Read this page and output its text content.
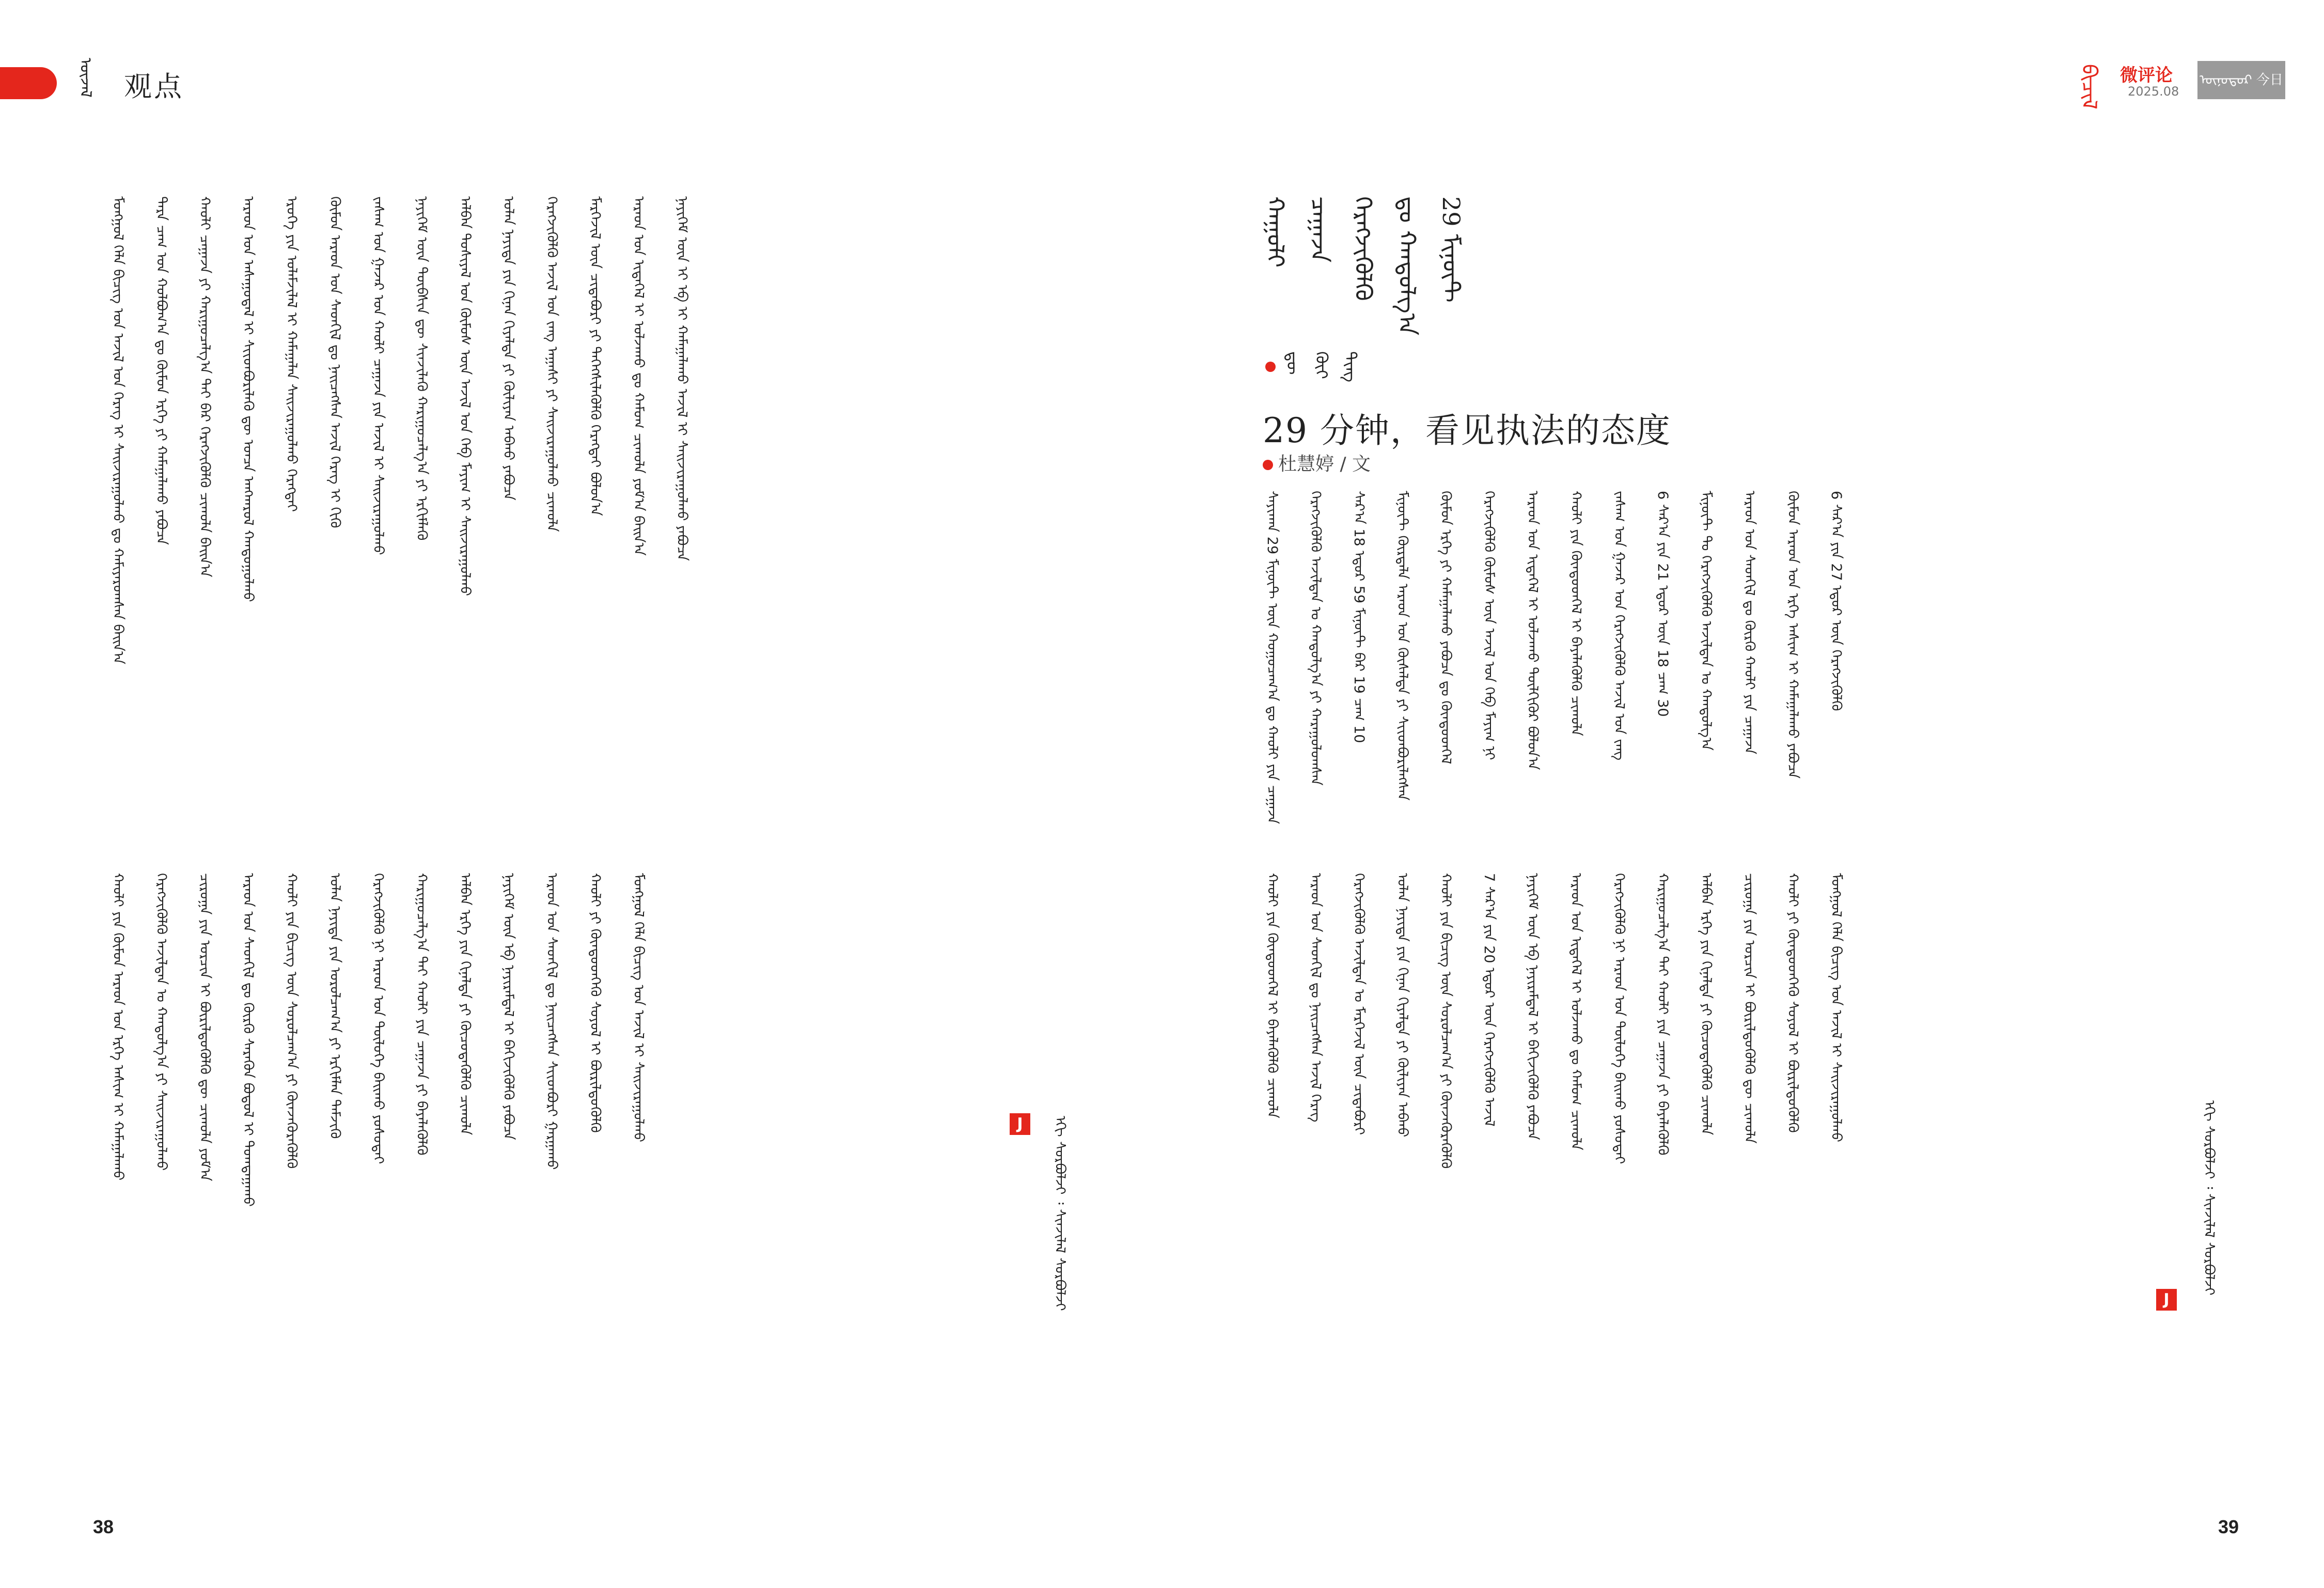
ᠦᠵᠡᠯ 观点
ᠮᠣᠩᠭᠣᠯ ᠬᠡᠯᠡ ᠪᠢᠴᠢᠭ ᠤᠨ ᠠᠵᠢᠯ ᠤᠨ ᠬᠡᠷᠡᠭ ᠢ ᠰᠠᠢᠵᠢᠷᠠᠭᠤᠯᠬᠤ ᠳᠤ ᠬᠠᠮᠢᠶᠠᠷᠤᠭᠰᠠᠨ ᠪᠠᠢᠨ᠎ᠠ ᠲᠡᠷᠡ ᠴᠠᠭ ᠤᠨ ᠬᠣᠯᠪᠣᠭ᠎ᠠ ᠳᠤ ᠬᠦᠮᠦᠨ ᠡᠷᠬᠡ ᠶᠢ ᠬᠠᠮᠠᠭᠠᠯᠠᠬᠤ ᠶᠠᠪᠤᠴᠠ ᠬᠠᠤᠯᠢ ᠴᠠᠭᠠᠵᠠ ᠶᠢ ᠬᠠᠷᠢᠭᠤᠴᠠᠯᠭ᠎ᠠ ᠲᠠᠢ ᠪᠡᠷ ᠬᠡᠷᠡᠭᠵᠢᠭᠦᠯᠬᠦ ᠴᠢᠬᠤᠯᠠ ᠪᠠᠢᠨ᠎ᠠ ᠠᠷᠠᠳ ᠤᠨ ᠠᠰᠠᠭᠤᠳᠠᠯ ᠢ ᠰᠢᠢᠳᠪᠦᠷᠢᠯᠡᠬᠦ ᠳᠦ ᠣᠨᠴᠠ ᠠᠩᠬᠠᠷᠤᠯ ᠬᠠᠨᠳᠤᠭᠤᠯᠬᠤ ᠡᠷᠦᠬᠡ ᠶᠢᠨ ᠤᠯᠠᠮᠵᠢᠯᠠᠯ ᠢ ᠬᠠᠮᠠᠭᠠᠯᠠᠨ ᠰᠠᠢᠵᠢᠷᠠᠭᠤᠯᠬᠤ ᠬᠡᠷᠡᠭᠲᠡᠢ ᠬᠦᠮᠦᠨ ᠠᠷᠠᠳ ᠤᠨ ᠰᠡᠳᠬᠢᠯ ᠳᠤ ᠨᠡᠢᠴᠡᠭᠰᠡᠨ ᠠᠵᠢᠯ ᠬᠡᠷᠡᠭ ᠢ ᠬᠢᠬᠦ ᠵᠠᠰᠠᠭ ᠤᠨ ᠭᠠᠵᠠᠷ ᠤᠨ ᠬᠠᠤᠯᠢ ᠴᠠᠭᠠᠵᠠ ᠶᠢᠨ ᠠᠵᠢᠯ ᠢ ᠰᠠᠢᠵᠢᠷᠠᠭᠤᠯᠬᠤ ᠨᠡᠶᠢᠭᠡᠮ ᠦᠨ ᠲᠥᠪᠰᠢᠨ ᠳᠦ ᠰᠢᠨᠵᠢᠯᠡᠬᠦ ᠬᠠᠷᠢᠭᠤᠴᠠᠯᠭ᠎ᠠ ᠶᠢ ᠡᠷᠬᠢᠮᠯᠡᠬᠦ ᠠᠯᠪᠠᠨ ᠲᠤᠰᠢᠶᠠᠯ ᠤᠨ ᠬᠦᠮᠦᠰ ᠦᠨ ᠠᠵᠢᠯ ᠤᠨ ᠬᠡᠪ ᠮᠠᠶᠢᠭ ᠢ ᠰᠠᠢᠵᠢᠷᠠᠭᠤᠯᠬᠤ ᠣᠯᠠᠨ ᠨᠡᠶᠢᠲᠡ ᠶᠢᠨ ᠬᠢᠨᠠᠨ ᠬᠢᠶᠠᠯᠲᠠ ᠶᠢ ᠬᠦᠯᠢᠶᠡᠨ ᠠᠪᠬᠤ ᠶᠠᠪᠤᠴᠠ ᠬᠡᠷᠡᠭᠵᠢᠭᠦᠯᠬᠦ ᠠᠵᠢᠯ ᠤᠨ ᠵᠠᠩ ᠠᠭᠠᠰᠢ ᠶᠢ ᠰᠠᠢᠵᠢᠷᠠᠭᠤᠯᠬᠤ ᠴᠢᠬᠤᠯᠠ ᠮᠡᠷᠭᠡᠵᠢᠯ ᠦᠨ ᠴᠢᠳᠠᠪᠤᠷᠢ ᠶᠢ ᠳᠡᠭᠡᠭᠰᠢᠯᠡᠭᠦᠯᠬᠦ ᠬᠡᠷᠡᠭᠲᠡᠢ ᠪᠣᠯᠣᠨ᠎ᠠ ᠠᠷᠠᠳ ᠤᠨ ᠢᠲᠡᠭᠡᠯ ᠢ ᠣᠯᠵᠠᠬᠤ ᠳᠤ ᠬᠠᠮᠤᠭ ᠴᠢᠬᠤᠯᠠ ᠶᠤᠮ᠎ᠠ ᠪᠠᠢᠨ᠎ᠠ ᠨᠡᠶᠢᠭᠡᠮ ᠦᠨ ᠡᠶ ᠡᠪ ᠢ ᠬᠠᠮᠠᠭᠠᠯᠠᠬᠤ ᠠᠵᠢᠯ ᠢ ᠰᠠᠢᠵᠢᠷᠠᠭᠤᠯᠬᠤ ᠶᠠᠪᠤᠴᠠ
ᠬᠠᠤᠯᠢ ᠶᠢᠨ ᠬᠦᠮᠦᠨ ᠠᠷᠠᠳ ᠤᠨ ᠡᠷᠬᠡ ᠠᠰᠢᠭ ᠢ ᠬᠠᠮᠠᠭᠠᠯᠠᠬᠤ ᠬᠡᠷᠡᠭᠵᠢᠭᠦᠯᠬᠦ ᠠᠵᠢᠯᠲᠠᠨ ᠤ ᠬᠠᠨᠳᠤᠯᠭ᠎ᠠ ᠶᠢ ᠰᠠᠢᠵᠢᠷᠠᠭᠤᠯᠬᠤ ᠴᠢᠷᠤᠭᠠ ᠶᠢᠨ ᠣᠷᠴᠢᠨ ᠢ ᠪᠦᠷᠢᠯᠳᠦᠭᠦᠯᠬᠦ ᠳᠦ ᠴᠢᠬᠤᠯᠠ ᠶᠤᠮ᠎ᠠ ᠠᠷᠠᠳ ᠤᠨ ᠰᠡᠳᠬᠢᠯ ᠳᠤ ᠬᠦᠷᠬᠦ ᠰᠡᠷᠡᠭᠦᠨ ᠪᠣᠳᠣᠯ ᠢ ᠲᠣᠭᠲᠠᠭᠠᠬᠤ ᠬᠠᠤᠯᠢ ᠶᠢᠨ ᠪᠢᠴᠢᠭ᠌ ᠦᠨ ᠰᠤᠷᠤᠯᠴᠠᠭ᠎ᠠ ᠶᠢ ᠭᠦᠨᠵᠡᠭᠦᠷᠡᠭᠦᠯᠬᠦ ᠣᠯᠠᠨ ᠨᠡᠶᠢᠲᠡ ᠶᠢᠨ ᠣᠷᠣᠯᠴᠠᠭ᠎ᠠ ᠶᠢ ᠡᠷᠬᠢᠮᠯᠡᠨ ᠳᠡᠮᠵᠢᠬᠦ ᠬᠡᠷᠡᠭᠵᠢᠭᠦᠯᠬᠦ ᠨᠢ ᠠᠷᠠᠳ ᠤᠨ ᠲᠥᠯᠦᠭᠡ ᠪᠠᠢᠬᠤ ᠶᠣᠰᠣᠲᠠᠢ ᠬᠠᠷᠢᠭᠤᠴᠠᠯᠭ᠎ᠠ ᠲᠠᠢ ᠬᠠᠤᠯᠢ ᠶᠢᠨ ᠴᠠᠭᠠᠵᠠ ᠶᠢ ᠪᠡᠶᠡᠯᠡᠭᠦᠯᠬᠦ ᠠᠯᠪᠠᠨ ᠡᠷᠬᠡ ᠶᠢᠨ ᠬᠢᠨᠠᠯᠲᠠ ᠶᠢ ᠬᠦᠴᠦᠳᠡᠭᠦᠯᠬᠦ ᠴᠢᠬᠤᠯᠠ ᠨᠡᠶᠢᠭᠡᠮ ᠦᠨ ᠡᠪ ᠨᠠᠶᠢᠷᠠᠮᠳᠠᠯ ᠢ ᠪᠡᠬᠢᠵᠢᠭᠦᠯᠬᠦ ᠶᠠᠪᠤᠴᠠ ᠠᠷᠠᠳ ᠤᠨ ᠰᠡᠳᠬᠢᠯ ᠳᠤ ᠨᠡᠢᠴᠡᠭᠰᠡᠨ ᠰᠢᠢᠳᠪᠦᠷᠢ ᠭᠠᠷᠭᠠᠬᠤ ᠬᠠᠤᠯᠢ ᠶᠢ ᠬᠦᠨᠳᠦᠳᠬᠡᠬᠦ ᠰᠣᠶᠣᠯ ᠢ ᠪᠦᠷᠢᠯᠳᠦᠭᠦᠯᠬᠦ ᠮᠣᠩᠭᠣᠯ ᠬᠡᠯᠡ ᠪᠢᠴᠢᠭ ᠤᠨ ᠠᠵᠢᠯ ᠢ ᠰᠠᠢᠵᠢᠷᠠᠭᠤᠯᠬᠤ	J	ᠡᠬᠢ ᠰᠤᠷᠪᠤᠯᠵᠢ ᠄ ᠰᠢᠨᠵᠢᠯᠡᠯ ᠰᠤᠷᠪᠤᠯᠵᠢ
38
ᠪᠢᠴᠢᠯ	微评论
2025.08
ᠥᠨᠦᠳᠦᠷ 今日
ᠬᠠᠭᠤᠯᠢ ᠴᠠᠭᠠᠵᠠ ᠬᠡᠷᠡᠭᠵᠢᠭᠦᠯᠬᠦ ᠳᠤ ᠬᠠᠨᠳᠤᠯᠭ᠎ᠠ 29 ᠮᠢᠨᠦ᠋ᠲ
ᠳᠦ ᠬᠦᠢ ᠲᠢᠩ
29 分钟，看见执法的态度
杜慧婷 / 文
ᠰᠠᠶᠢᠬᠠᠨ 29 ᠮᠢᠨᠦ᠋ᠲ ᠦᠨ ᠬᠤᠭᠤᠴᠠᠭ᠎ᠠ ᠳᠤ ᠬᠠᠤᠯᠢ ᠶᠢᠨ ᠴᠠᠭᠠᠵᠠ ᠬᠡᠷᠡᠭᠵᠢᠭᠦᠯᠬᠦ ᠠᠵᠢᠯᠲᠠᠨ ᠤ ᠬᠠᠨᠳᠤᠯᠭ᠎ᠠ ᠶᠢ ᠬᠠᠷᠠᠭᠤᠯᠤᠭᠰᠠᠨ ᠰᠠᠷ᠎ᠠ 18 ᠡᠳᠦᠷ 59 ᠮᠢᠨᠦ᠋ᠲ ᠪᠡᠷ 19 ᠴᠠᠭ 10 ᠮᠢᠨᠦ᠋ᠲ ᠬᠦᠷᠲᠡᠯᠡ ᠠᠷᠠᠳ ᠤᠨ ᠬᠦᠰᠡᠯᠲᠡ ᠶᠢ ᠰᠢᠢᠳᠪᠦᠷᠢᠯᠡᠭᠰᠡᠨ ᠬᠦᠮᠦᠨ ᠡᠷᠬᠡ ᠶᠢ ᠬᠠᠮᠠᠭᠠᠯᠠᠬᠤ ᠶᠠᠪᠤᠴᠠ ᠳᠤ ᠬᠦᠨᠳᠦᠳᠬᠡᠯ ᠬᠡᠷᠡᠭᠵᠢᠭᠦᠯᠬᠦ ᠬᠦᠮᠦᠰ ᠦᠨ ᠠᠵᠢᠯ ᠤᠨ ᠬᠡᠪ ᠮᠠᠶᠢᠭ ᠨᠢ ᠠᠷᠠᠳ ᠤᠨ ᠢᠲᠡᠭᠡᠯ ᠢ ᠣᠯᠵᠠᠬᠤ ᠲᠦᠯᠬᠢᠭᠦᠷ ᠪᠣᠯᠤᠨ᠎ᠠ ᠬᠠᠤᠯᠢ ᠶᠢᠨ ᠬᠦᠨᠳᠦᠳᠬᠡᠯ ᠢ ᠪᠡᠶᠡᠯᠡᠭᠦᠯᠬᠦ ᠴᠢᠬᠤᠯᠠ ᠵᠠᠰᠠᠭ ᠤᠨ ᠭᠠᠵᠠᠷ ᠤᠨ ᠬᠡᠷᠡᠭᠵᠢᠭᠦᠯᠬᠦ ᠠᠵᠢᠯ ᠤᠨ ᠵᠠᠩ 6 ᠰᠠᠷ᠎ᠠ ᠶᠢᠨ 21 ᠡᠳᠦᠷ ᠦᠨ 18 ᠴᠠᠭ 30 ᠮᠢᠨᠦ᠋ᠲ ᠲᠤ ᠬᠡᠷᠡᠭᠵᠢᠭᠦᠯᠬᠦ ᠠᠵᠢᠯᠲᠠᠨ ᠤ ᠬᠠᠨᠳᠤᠯᠭ᠎ᠠ ᠠᠷᠠᠳ ᠤᠨ ᠰᠡᠳᠬᠢᠯ ᠳᠤ ᠬᠦᠷᠬᠦ ᠬᠠᠤᠯᠢ ᠶᠢᠨ ᠴᠠᠭᠠᠵᠠ ᠬᠦᠮᠦᠨ ᠠᠷᠠᠳ ᠤᠨ ᠡᠷᠬᠡ ᠠᠰᠢᠭ ᠢ ᠬᠠᠮᠠᠭᠠᠯᠠᠬᠤ ᠶᠠᠪᠤᠴᠠ 6 ᠰᠠᠷ᠎ᠠ ᠶᠢᠨ 27 ᠡᠳᠦᠷ ᠦᠨ ᠬᠡᠷᠡᠭᠵᠢᠭᠦᠯᠬᠦ
ᠬᠠᠤᠯᠢ ᠶᠢᠨ ᠬᠦᠨᠳᠦᠳᠬᠡᠯ ᠢ ᠪᠡᠶᠡᠯᠡᠭᠦᠯᠬᠦ ᠴᠢᠬᠤᠯᠠ ᠠᠷᠠᠳ ᠤᠨ ᠰᠡᠳᠬᠢᠯ ᠳᠤ ᠨᠡᠢᠴᠡᠭᠰᠡᠨ ᠠᠵᠢᠯ ᠬᠡᠷᠡᠭ ᠬᠡᠷᠡᠭᠵᠢᠭᠦᠯᠬᠦ ᠠᠵᠢᠯᠲᠠᠨ ᠤ ᠮᠡᠷᠭᠡᠵᠢᠯ ᠦᠨ ᠴᠢᠳᠠᠪᠤᠷᠢ ᠣᠯᠠᠨ ᠨᠡᠶᠢᠲᠡ ᠶᠢᠨ ᠬᠢᠨᠠᠨ ᠬᠢᠶᠠᠯᠲᠠ ᠶᠢ ᠬᠦᠯᠢᠶᠡᠨ ᠠᠪᠬᠤ ᠬᠠᠤᠯᠢ ᠶᠢᠨ ᠪᠢᠴᠢᠭ᠌ ᠦᠨ ᠰᠤᠷᠤᠯᠴᠠᠭ᠎ᠠ ᠶᠢ ᠭᠦᠨᠵᠡᠭᠦᠷᠡᠭᠦᠯᠬᠦ 7 ᠰᠠᠷ᠎ᠠ ᠶᠢᠨ 20 ᠡᠳᠦᠷ ᠦᠨ ᠬᠡᠷᠡᠭᠵᠢᠭᠦᠯᠬᠦ ᠠᠵᠢᠯ ᠨᠡᠶᠢᠭᠡᠮ ᠦᠨ ᠡᠪ ᠨᠠᠶᠢᠷᠠᠮᠳᠠᠯ ᠢ ᠪᠡᠬᠢᠵᠢᠭᠦᠯᠬᠦ ᠶᠠᠪᠤᠴᠠ ᠠᠷᠠᠳ ᠤᠨ ᠢᠲᠡᠭᠡᠯ ᠢ ᠣᠯᠵᠠᠬᠤ ᠳᠤ ᠬᠠᠮᠤᠭ ᠴᠢᠬᠤᠯᠠ ᠬᠡᠷᠡᠭᠵᠢᠭᠦᠯᠬᠦ ᠨᠢ ᠠᠷᠠᠳ ᠤᠨ ᠲᠥᠯᠦᠭᠡ ᠪᠠᠢᠬᠤ ᠶᠣᠰᠣᠲᠠᠢ ᠬᠠᠷᠢᠭᠤᠴᠠᠯᠭ᠎ᠠ ᠲᠠᠢ ᠬᠠᠤᠯᠢ ᠶᠢᠨ ᠴᠠᠭᠠᠵᠠ ᠶᠢ ᠪᠡᠶᠡᠯᠡᠭᠦᠯᠬᠦ ᠠᠯᠪᠠᠨ ᠡᠷᠬᠡ ᠶᠢᠨ ᠬᠢᠨᠠᠯᠲᠠ ᠶᠢ ᠬᠦᠴᠦᠳᠡᠭᠦᠯᠬᠦ ᠴᠢᠬᠤᠯᠠ ᠴᠢᠷᠤᠭᠠ ᠶᠢᠨ ᠣᠷᠴᠢᠨ ᠢ ᠪᠦᠷᠢᠯᠳᠦᠭᠦᠯᠬᠦ ᠳᠦ ᠴᠢᠬᠤᠯᠠ ᠬᠠᠤᠯᠢ ᠶᠢ ᠬᠦᠨᠳᠦᠳᠬᠡᠬᠦ ᠰᠣᠶᠣᠯ ᠢ ᠪᠦᠷᠢᠯᠳᠦᠭᠦᠯᠬᠦ ᠮᠣᠩᠭᠣᠯ ᠬᠡᠯᠡ ᠪᠢᠴᠢᠭ ᠤᠨ ᠠᠵᠢᠯ ᠢ ᠰᠠᠢᠵᠢᠷᠠᠭᠤᠯᠬᠤ
J
ᠡᠬᠢ ᠰᠤᠷᠪᠤᠯᠵᠢ ᠄ ᠰᠢᠨᠵᠢᠯᠡᠯ ᠰᠤᠷᠪᠤᠯᠵᠢ
39
